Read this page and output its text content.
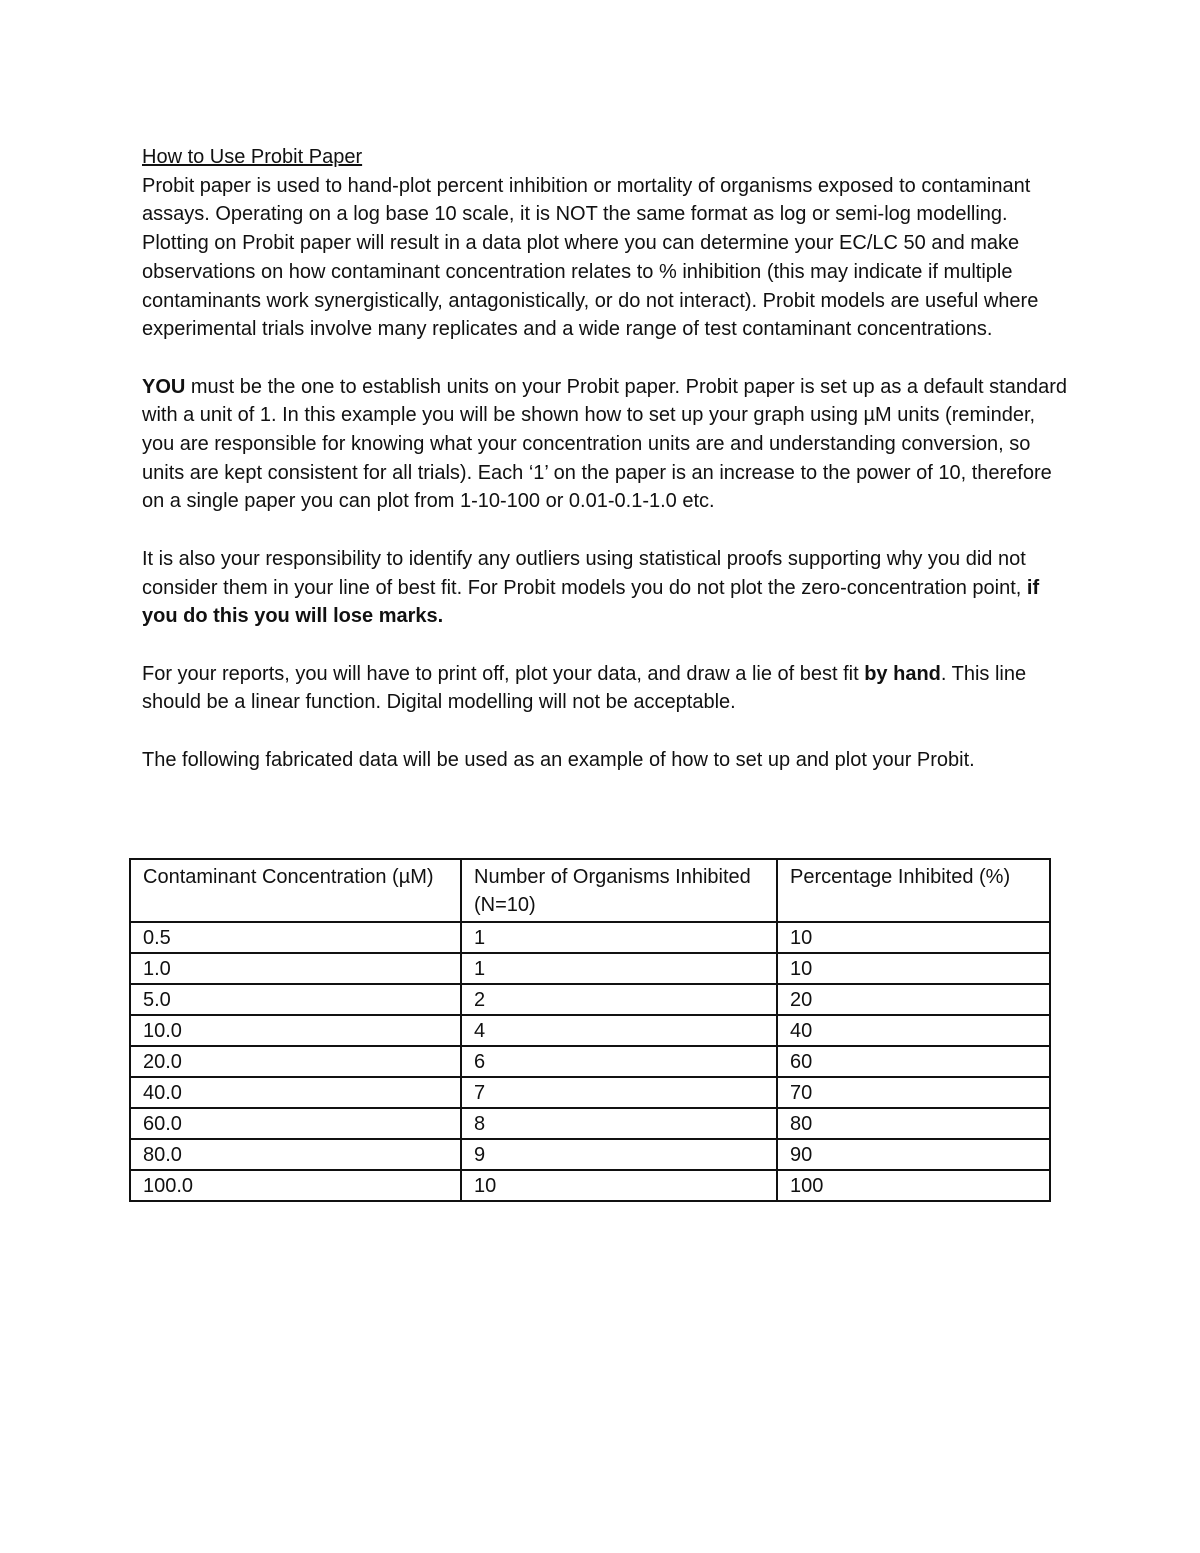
How to Use Probit Paper

Probit paper is used to hand-plot percent inhibition or mortality of organisms exposed to contaminant assays. Operating on a log base 10 scale, it is NOT the same format as log or semi-log modelling. Plotting on Probit paper will result in a data plot where you can determine your EC/LC 50 and make observations on how contaminant concentration relates to % inhibition (this may indicate if multiple contaminants work synergistically, antagonistically, or do not interact). Probit models are useful where experimental trials involve many replicates and a wide range of test contaminant concentrations.

YOU must be the one to establish units on your Probit paper. Probit paper is set up as a default standard with a unit of 1. In this example you will be shown how to set up your graph using µM units (reminder, you are responsible for knowing what your concentration units are and understanding conversion, so units are kept consistent for all trials). Each ‘1’ on the paper is an increase to the power of 10, therefore on a single paper you can plot from 1-10-100 or 0.01-0.1-1.0 etc.

It is also your responsibility to identify any outliers using statistical proofs supporting why you did not consider them in your line of best fit. For Probit models you do not plot the zero-concentration point, if you do this you will lose marks.

For your reports, you will have to print off, plot your data, and draw a lie of best fit by hand. This line should be a linear function. Digital modelling will not be acceptable.

The following fabricated data will be used as an example of how to set up and plot your Probit.

Contaminant Concentration (µM)	Number of Organisms Inhibited (N=10)	Percentage Inhibited (%)
0.5	1	10
1.0	1	10
5.0	2	20
10.0	4	40
20.0	6	60
40.0	7	70
60.0	8	80
80.0	9	90
100.0	10	100
